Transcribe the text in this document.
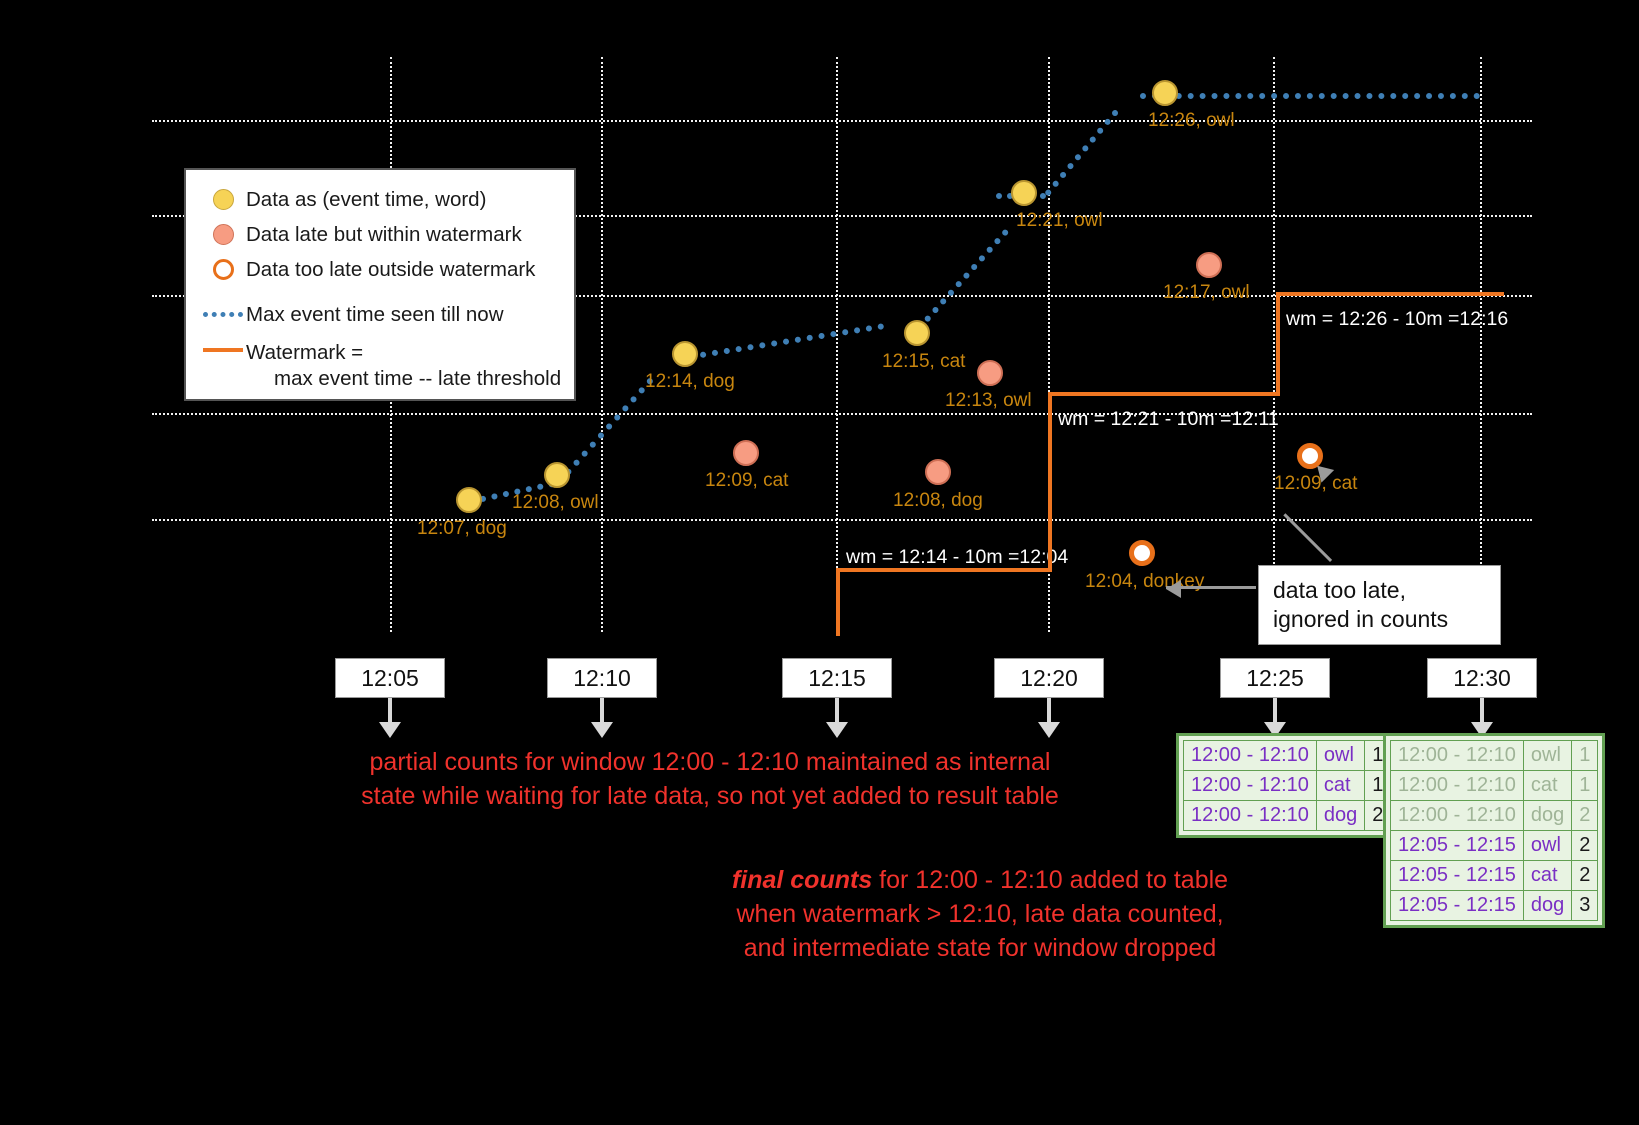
wm = 12:14 - 10m =12:04
wm = 12:21 - 10m =12:11
wm = 12:26 - 10m =12:16
12:07, dog
12:08, owl
12:09, cat
12:14, dog
12:15, cat
12:08, dog
12:13, owl
12:04, donkey
12:21, owl
12:17, owl
12:09, cat
12:26, owl
Data as (event time, word)
Data late but within watermark
Data too late outside watermark
Max event time seen till now
Watermark =
max event time -- late threshold
12:05	12:10	12:15	12:20	12:25	12:30
data too late,
ignored in counts
partial counts for window 12:00 - 12:10 maintained as internal
state while waiting for late data, so not yet added to result table
final counts for 12:00 - 12:10 added to table
when watermark > 12:10, late data counted,
and intermediate state for window dropped
12:00 - 12:10	owl	1
12:00 - 12:10	cat	1
12:00 - 12:10	dog	2
12:00 - 12:10	owl	1
12:00 - 12:10	cat	1
12:00 - 12:10	dog	2
12:05 - 12:15	owl	2
12:05 - 12:15	cat	2
12:05 - 12:15	dog	3
